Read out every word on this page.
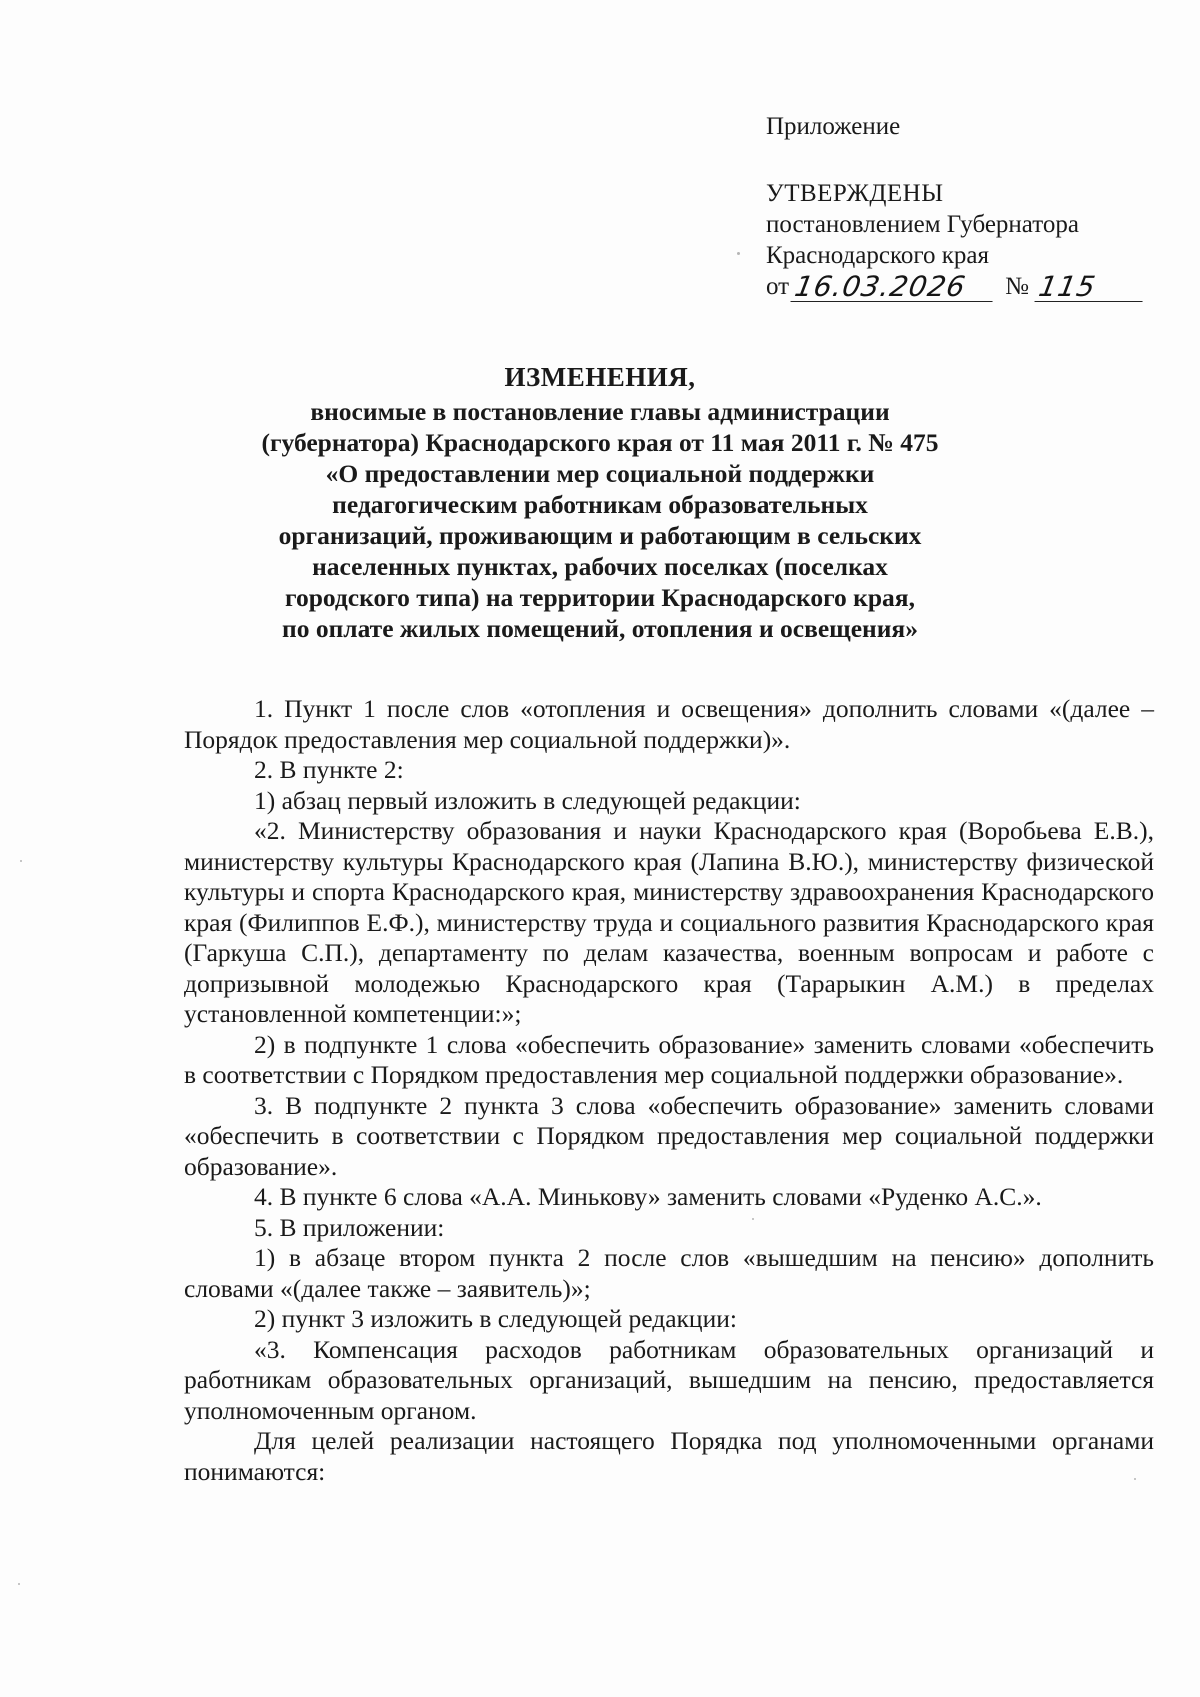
Приложение
УТВЕРЖДЕНЫ
постановлением Губернатора
Краснодарского края
от 16.03.2026	№ 115
ИЗМЕНЕНИЯ,
вносимые в постановление главы администрации
(губернатора) Краснодарского края от 11 мая 2011 г. № 475
«О предоставлении мер социальной поддержки
педагогическим работникам образовательных
организаций, проживающим и работающим в сельских
населенных пунктах, рабочих поселках (поселках
городского типа) на территории Краснодарского края,
по оплате жилых помещений, отопления и освещения»

1. Пункт 1 после слов «отопления и освещения» дополнить словами «(далее – Порядок предоставления мер социальной поддержки)».

2. В пункте 2:

1) абзац первый изложить в следующей редакции:

«2. Министерству образования и науки Краснодарского края (Воробьева Е.В.), министерству культуры Краснодарского края (Лапина В.Ю.), министерству физической культуры и спорта Краснодарского края, министерству здравоохранения Краснодарского края (Филиппов Е.Ф.), министерству труда и социального развития Краснодарского края (Гаркуша С.П.), департаменту по делам казачества, военным вопросам и работе с допризывной молодежью Краснодарского края (Тарарыкин А.М.) в пределах установленной компетенции:»;

2) в подпункте 1 слова «обеспечить образование» заменить словами «обеспечить в соответствии с Порядком предоставления мер социальной поддержки образование».

3. В подпункте 2 пункта 3 слова «обеспечить образование» заменить словами «обеспечить в соответствии с Порядком предоставления мер социальной поддержки образование».

4. В пункте 6 слова «А.А. Минькову» заменить словами «Руденко А.С.».

5. В приложении:

1) в абзаце втором пункта 2 после слов «вышедшим на пенсию» дополнить словами «(далее также – заявитель)»;

2) пункт 3 изложить в следующей редакции:

«3. Компенсация расходов работникам образовательных организаций и работникам образовательных организаций, вышедшим на пенсию, предоставляется уполномоченным органом.

Для целей реализации настоящего Порядка под уполномоченными органами понимаются:
